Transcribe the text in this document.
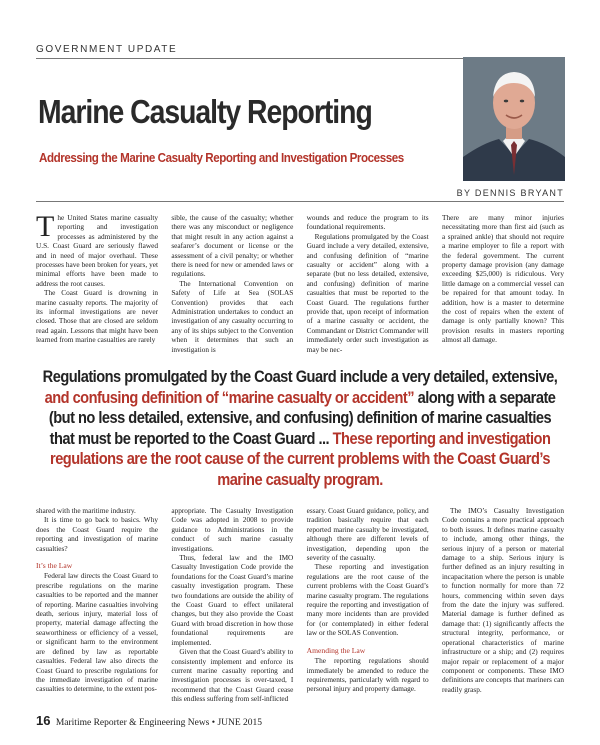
GOVERNMENT UPDATE
Marine Casualty Reporting
Addressing the Marine Casualty Reporting and Investigation Processes
BY DENNIS BRYANT
T he United States marine casualty reporting and investigation processes as administered by the U.S. Coast Guard are seriously flawed and in need of major overhaul. These processes have been broken for years, yet minimal efforts have been made to address the root causes.

The Coast Guard is drowning in marine casualty reports. The majority of its informal investigations are never closed. Those that are closed are seldom read again. Lessons that might have been learned from marine casualties are rarely

sible, the cause of the casualty; whether there was any misconduct or negligence that might result in any action against a seafarer’s document or license or the assessment of a civil penalty; or whether there is need for new or amended laws or regulations.

The International Convention on Safety of Life at Sea (SOLAS Convention) provides that each Administration undertakes to conduct an investigation of any casualty occurring to any of its ships subject to the Convention when it determines that such an investigation is

wounds and reduce the program to its foundational requirements.

Regulations promulgated by the Coast Guard include a very detailed, extensive, and confusing definition of “marine casualty or accident” along with a separate (but no less detailed, extensive, and confusing) definition of marine casualties that must be reported to the Coast Guard. The regulations further provide that, upon receipt of information of a marine casualty or accident, the Commandant or District Commander will immediately order such investigation as may be nec-

There are many minor injuries necessitating more than first aid (such as a sprained ankle) that should not require a marine employer to file a report with the federal government. The current property damage provision (any damage exceeding $25,000) is ridiculous. Very little damage on a commercial vessel can be repaired for that amount today. In addition, how is a master to determine the cost of repairs when the extent of damage is only partially known? This provision results in masters reporting almost all damage.

Regulations promulgated by the Coast Guard include a very detailed, extensive, and confusing definition of “marine casualty or accident” along with a separate (but no less detailed, extensive, and confusing) definition of marine casualties that must be reported to the Coast Guard ... These reporting and investigation regulations are the root cause of the current problems with the Coast Guard’s marine casualty program.

shared with the maritime industry.

It is time to go back to basics. Why does the Coast Guard require the reporting and investigation of marine casualties?

It’s the Law

Federal law directs the Coast Guard to prescribe regulations on the marine casualties to be reported and the manner of reporting. Marine casualties involving death, serious injury, material loss of property, material damage affecting the seaworthiness or efficiency of a vessel, or significant harm to the environment are defined by law as reportable casualties. Federal law also directs the Coast Guard to prescribe regulations for the immediate investigation of marine casualties to determine, to the extent pos-

appropriate. The Casualty Investigation Code was adopted in 2008 to provide guidance to Administrations in the conduct of such marine casualty investigations.

Thus, federal law and the IMO Casualty Investigation Code provide the foundations for the Coast Guard’s marine casualty investigation program. These two foundations are outside the ability of the Coast Guard to effect unilateral changes, but they also provide the Coast Guard with broad discretion in how those foundational requirements are implemented.

Given that the Coast Guard’s ability to consistently implement and enforce its current marine casualty reporting and investigation processes is over-taxed, I recommend that the Coast Guard cease this endless suffering from self-inflicted

essary. Coast Guard guidance, policy, and tradition basically require that each reported marine casualty be investigated, although there are different levels of investigation, depending upon the severity of the casualty.

These reporting and investigation regulations are the root cause of the current problems with the Coast Guard’s marine casualty program. The regulations require the reporting and investigation of many more incidents than are provided for (or contemplated) in either federal law or the SOLAS Convention.

Amending the Law

The reporting regulations should immediately be amended to reduce the requirements, particularly with regard to personal injury and property damage.

The IMO’s Casualty Investigation Code contains a more practical approach to both issues. It defines marine casualty to include, among other things, the serious injury of a person or material damage to a ship. Serious injury is further defined as an injury resulting in incapacitation where the person is unable to function normally for more than 72 hours, commencing within seven days from the date the injury was suffered. Material damage is further defined as damage that: (1) significantly affects the structural integrity, performance, or operational characteristics of marine infrastructure or a ship; and (2) requires major repair or replacement of a major component or components. These IMO definitions are concepts that mariners can readily grasp.

16 Maritime Reporter & Engineering News • JUNE 2015
